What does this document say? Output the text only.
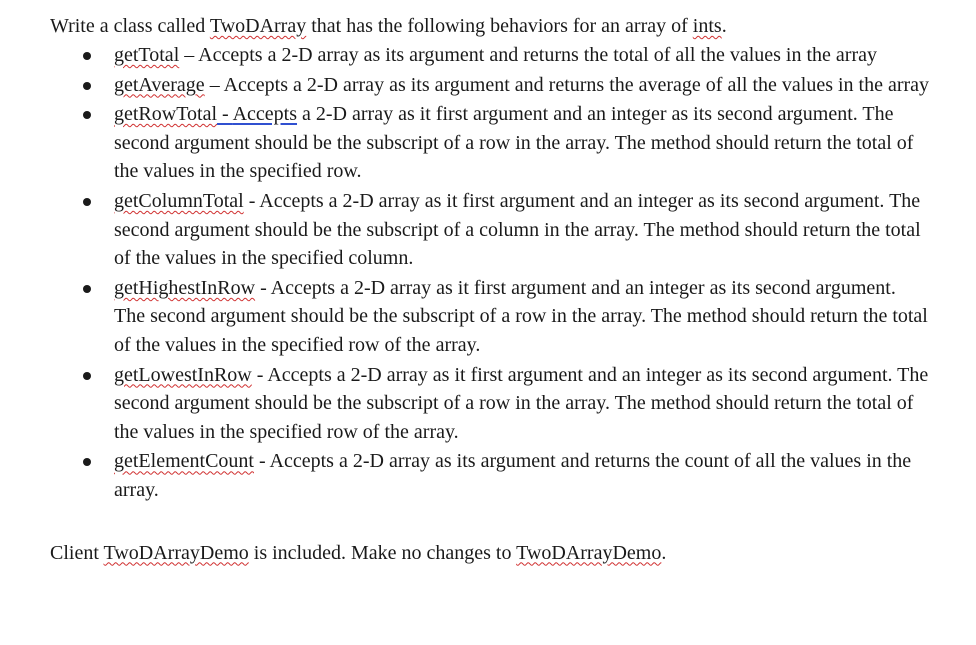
Write a class called TwoDArray that has the following behaviors for an array of ints.

getTotal – Accepts a 2-D array as its argument and returns the total of all the values in the array
getAverage – Accepts a 2-D array as its argument and returns the average of all the values in the array
getRowTotal - Accepts a 2-D array as it first argument and an integer as its second argument. The second argument should be the subscript of a row in the array. The method should return the total of the values in the specified row.
getColumnTotal - Accepts a 2-D array as it first argument and an integer as its second argument. The second argument should be the subscript of a column in the array. The method should return the total of the values in the specified column.
getHighestInRow - Accepts a 2-D array as it first argument and an integer as its second argument. The second argument should be the subscript of a row in the array. The method should return the total of the values in the specified row of the array.
getLowestInRow - Accepts a 2-D array as it first argument and an integer as its second argument. The second argument should be the subscript of a row in the array. The method should return the total of the values in the specified row of the array.
getElementCount - Accepts a 2-D array as its argument and returns the count of all the values in the array.

Client TwoDArrayDemo is included. Make no changes to TwoDArrayDemo.
